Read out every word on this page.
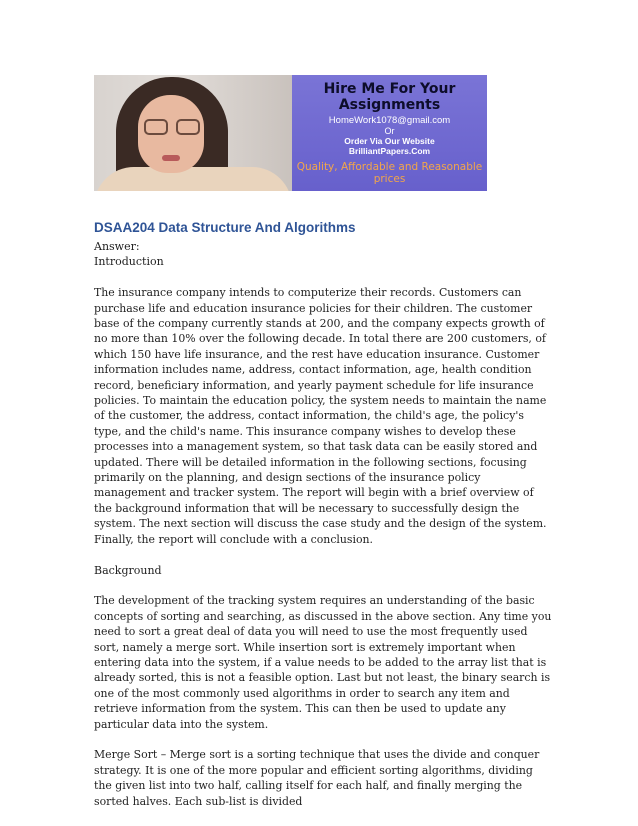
Hire Me For Your Assignments
HomeWork1078@gmail.com
Or
Order Via Our Website
BrilliantPapers.Com
Quality, Affordable and Reasonable prices
DSAA204 Data Structure And Algorithms
Answer:
Introduction

The insurance company intends to computerize their records. Customers can purchase life and education insurance policies for their children. The customer base of the company currently stands at 200, and the company expects growth of no more than 10% over the following decade. In total there are 200 customers, of which 150 have life insurance, and the rest have education insurance. Customer information includes name, address, contact information, age, health condition record, beneficiary information, and yearly payment schedule for life insurance policies. To maintain the education policy, the system needs to maintain the name of the customer, the address, contact information, the child's age, the policy's type, and the child's name. This insurance company wishes to develop these processes into a management system, so that task data can be easily stored and updated. There will be detailed information in the following sections, focusing primarily on the planning, and design sections of the insurance policy management and tracker system. The report will begin with a brief overview of the background information that will be necessary to successfully design the system. The next section will discuss the case study and the design of the system. Finally, the report will conclude with a conclusion.

Background

The development of the tracking system requires an understanding of the basic concepts of sorting and searching, as discussed in the above section. Any time you need to sort a great deal of data you will need to use the most frequently used sort, namely a merge sort. While insertion sort is extremely important when entering data into the system, if a value needs to be added to the array list that is already sorted, this is not a feasible option. Last but not least, the binary search is one of the most commonly used algorithms in order to search any item and retrieve information from the system. This can then be used to update any particular data into the system.

Merge Sort – Merge sort is a sorting technique that uses the divide and conquer strategy. It is one of the more popular and efficient sorting algorithms, dividing the given list into two half, calling itself for each half, and finally merging the sorted halves. Each sub-list is divided
